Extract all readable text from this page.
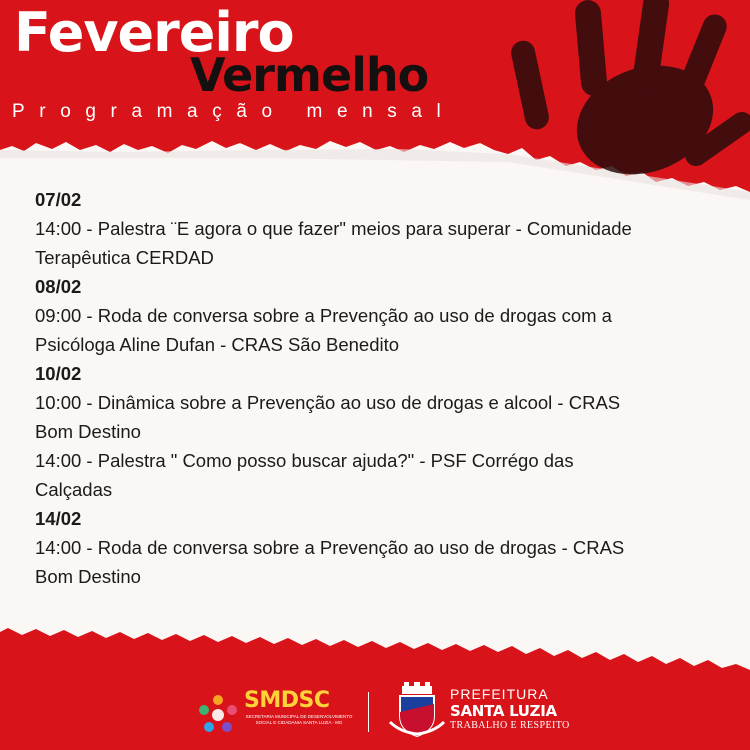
Fevereiro
Vermelho
Programação mensal
07/02
14:00 - Palestra ¨E agora o que fazer" meios para superar - Comunidade
Terapêutica CERDAD
08/02
09:00 - Roda de conversa sobre a Prevenção ao uso de drogas com a
Psicóloga Aline Dufan - CRAS São Benedito
10/02
10:00 - Dinâmica sobre a Prevenção ao uso de drogas e alcool - CRAS
Bom Destino
14:00 - Palestra " Como posso buscar ajuda?" - PSF Corrégo das
Calçadas
14/02
14:00 - Roda de conversa sobre a Prevenção ao uso de drogas - CRAS
Bom Destino
SMDSC
SECRETARIA MUNICIPAL DE DESENVOLVIMENTO SOCIAL E CIDADANIA SANTA LUZIA - MG
PREFEITURA
SANTA LUZIA
TRABALHO E RESPEITO
